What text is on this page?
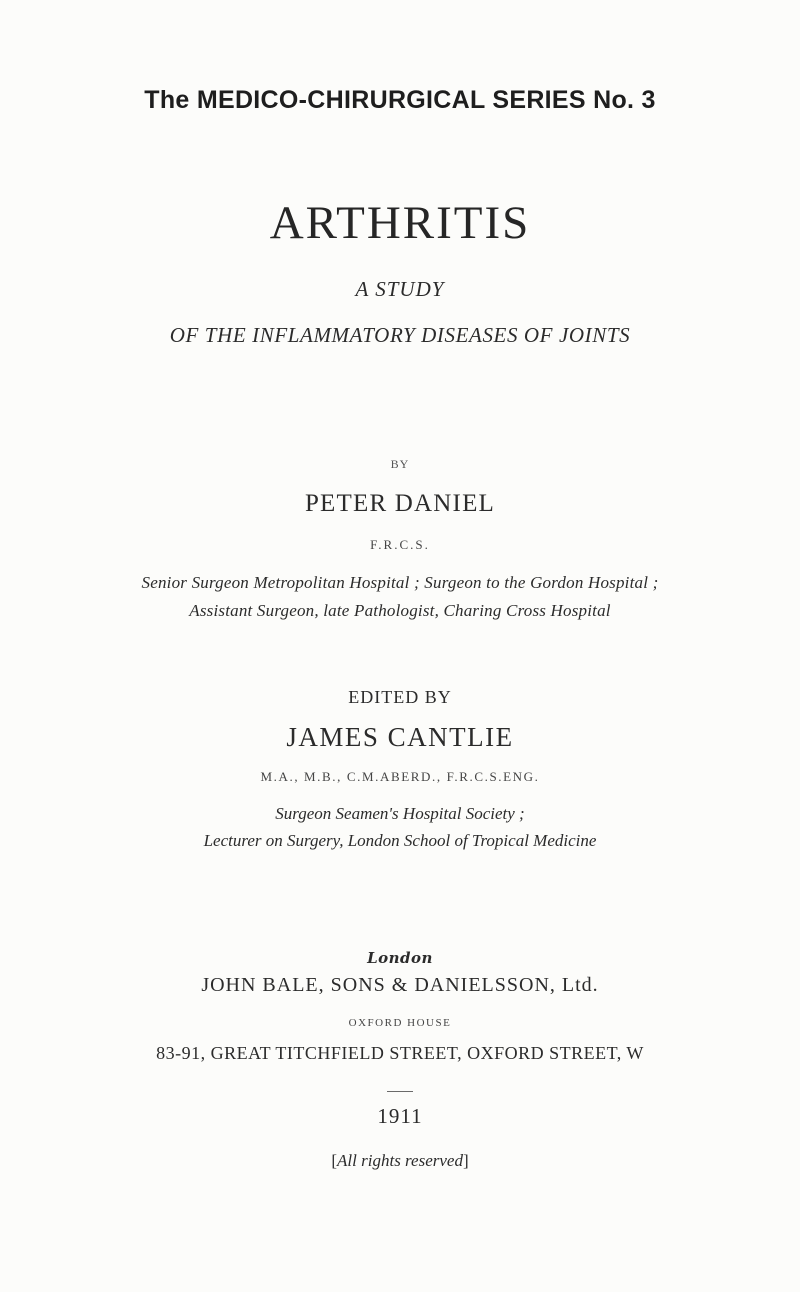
The MEDICO-CHIRURGICAL SERIES No. 3
ARTHRITIS
A STUDY
OF THE INFLAMMATORY DISEASES OF JOINTS
BY
PETER DANIEL
F.R.C.S.
Senior Surgeon Metropolitan Hospital ; Surgeon to the Gordon Hospital ;
Assistant Surgeon, late Pathologist, Charing Cross Hospital
EDITED BY
JAMES CANTLIE
M.A., M.B., C.M.ABERD., F.R.C.S.ENG.
Surgeon Seamen's Hospital Society ;
Lecturer on Surgery, London School of Tropical Medicine
London
JOHN BALE, SONS & DANIELSSON, Ltd.
OXFORD HOUSE
83-91, GREAT TITCHFIELD STREET, OXFORD STREET, W
1911
[All rights reserved]
